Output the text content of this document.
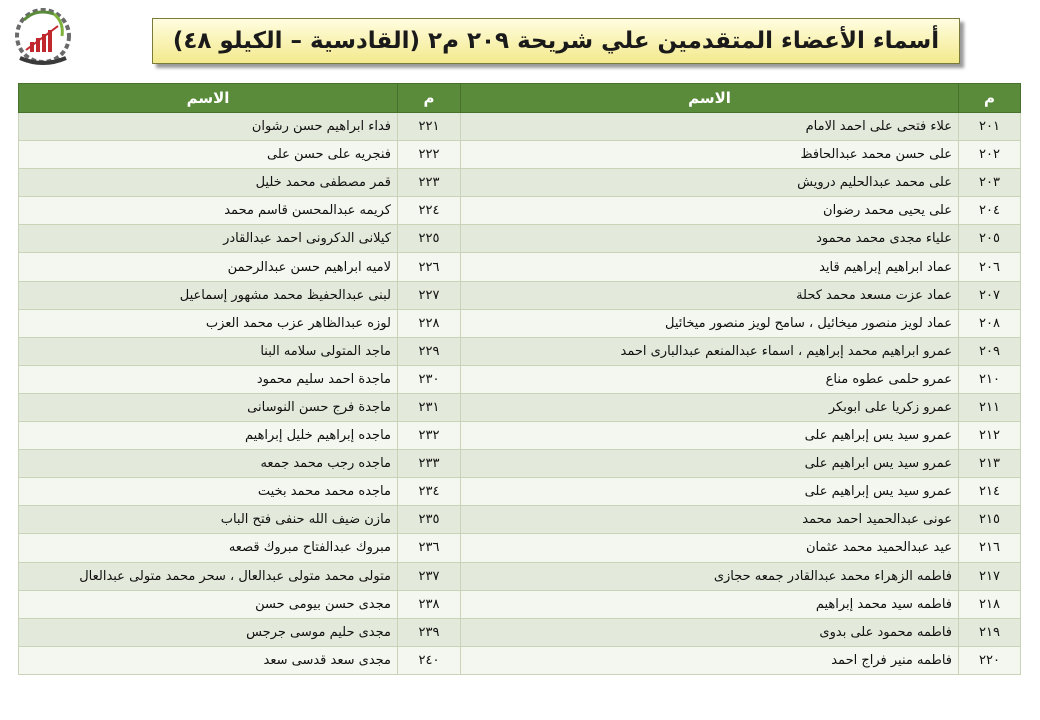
أسماء الأعضاء المتقدمين علي شريحة ٢٠٩ م٢ (القادسية – الكيلو ٤٨)
م	الاسم	م	الاسم
٢٠١	علاء فتحى على احمد الامام	٢٢١	فداء ابراهيم حسن رشوان
٢٠٢	على حسن محمد عبدالحافظ	٢٢٢	فنجريه على حسن على
٢٠٣	على محمد عبدالحليم درويش	٢٢٣	قمر مصطفى محمد خليل
٢٠٤	على يحيى محمد رضوان	٢٢٤	كريمه عبدالمحسن قاسم محمد
٢٠٥	علياء مجدى محمد محمود	٢٢٥	كيلانى الدكرونى احمد عبدالقادر
٢٠٦	عماد ابراهيم إبراهيم قايد	٢٢٦	لاميه ابراهيم حسن عبدالرحمن
٢٠٧	عماد عزت مسعد محمد كحلة	٢٢٧	لبنى عبدالحفيظ محمد مشهور إسماعيل
٢٠٨	عماد لويز منصور ميخائيل ، سامح لويز منصور ميخائيل	٢٢٨	لوزه عبدالظاهر عزب محمد العزب
٢٠٩	عمرو ابراهيم محمد إبراهيم ، اسماء عبدالمنعم عبدالبارى احمد	٢٢٩	ماجد المتولى سلامه البنا
٢١٠	عمرو حلمى عطوه مناع	٢٣٠	ماجدة احمد سليم محمود
٢١١	عمرو زكريا على ابوبكر	٢٣١	ماجدة فرج حسن النوسانى
٢١٢	عمرو سيد يس إبراهيم على	٢٣٢	ماجده إبراهيم خليل إبراهيم
٢١٣	عمرو سيد يس ابراهيم على	٢٣٣	ماجده رجب محمد جمعه
٢١٤	عمرو سيد يس إبراهيم على	٢٣٤	ماجده محمد محمد بخيت
٢١٥	عونى عبدالحميد احمد محمد	٢٣٥	مازن ضيف الله حنفى فتح الباب
٢١٦	عيد عبدالحميد محمد عثمان	٢٣٦	مبروك عبدالفتاح مبروك قصعه
٢١٧	فاطمه الزهراء محمد عبدالقادر جمعه حجازى	٢٣٧	متولى محمد متولى عبدالعال ، سحر محمد متولى عبدالعال
٢١٨	فاطمه سيد محمد إبراهيم	٢٣٨	مجدى حسن بيومى حسن
٢١٩	فاطمه محمود على بدوى	٢٣٩	مجدى حليم موسى جرجس
٢٢٠	فاطمه منير فراج احمد	٢٤٠	مجدى سعد قدسى سعد
